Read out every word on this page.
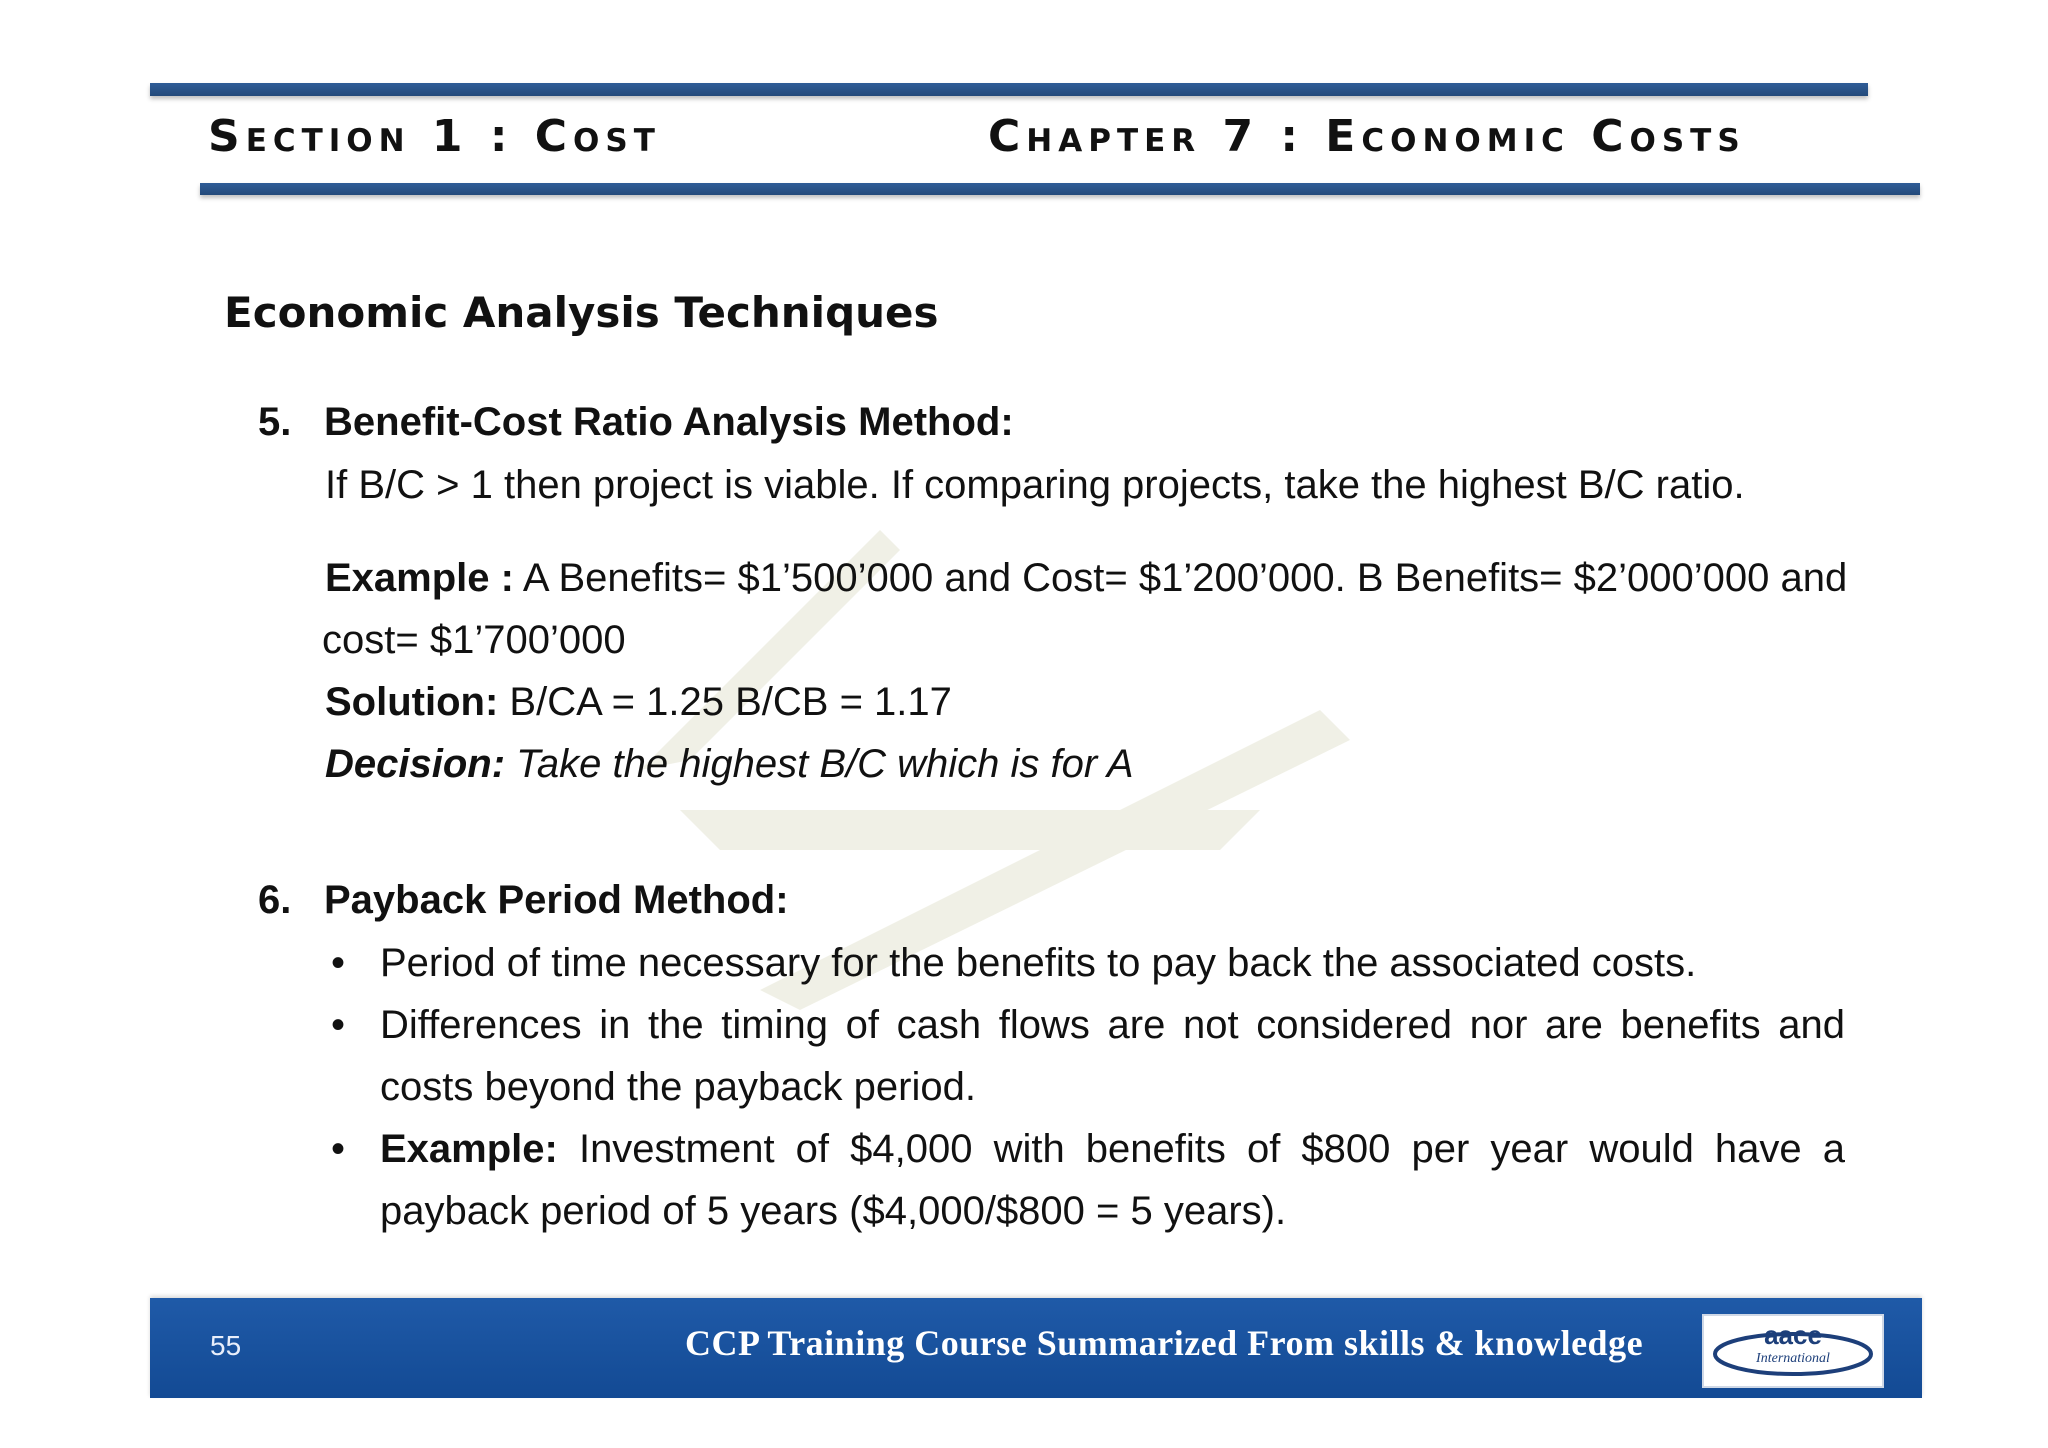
Section 1 : Cost	Chapter 7 : Economic Costs
Economic Analysis Techniques
5. Benefit-Cost Ratio Analysis Method:
If B/C > 1 then project is viable. If comparing projects, take the highest B/C ratio.
Example : A Benefits= $1’500’000 and Cost= $1’200’000. B Benefits= $2’000’000 and
cost= $1’700’000
Solution: B/CA = 1.25 B/CB = 1.17
Decision: Take the highest B/C which is for A
6. Payback Period Method:
• Period of time necessary for the benefits to pay back the associated costs.
• Differences in the timing of cash flows are not considered nor are benefits and costs beyond the payback period.
• Example: Investment of $4,000 with benefits of $800 per year would have a payback period of 5 years ($4,000/$800 = 5 years).
55	CCP Training Course Summarized From skills & knowledge	aace
International
